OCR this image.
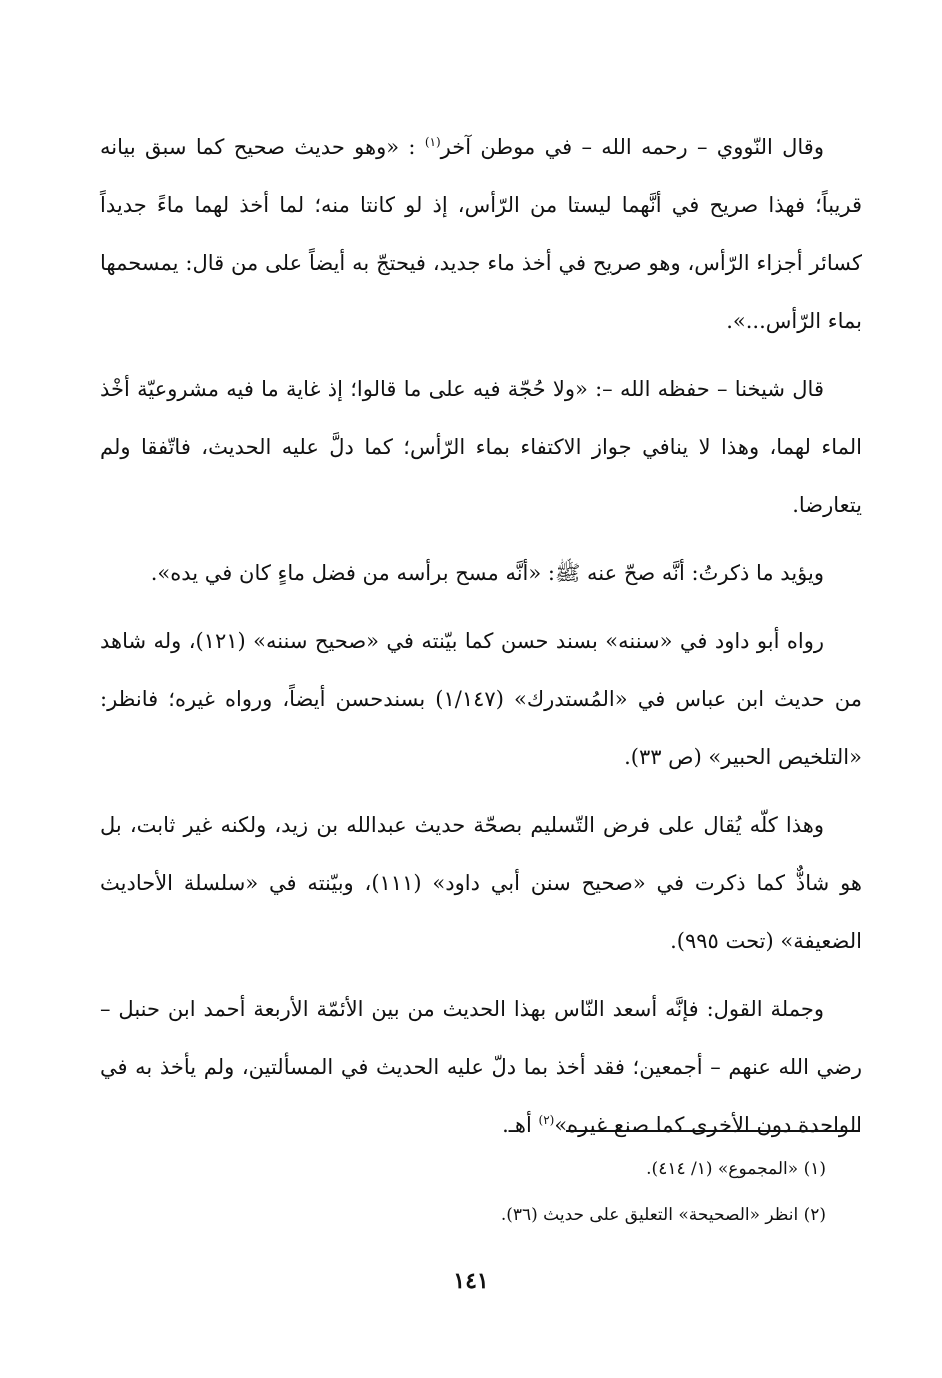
وقال النّووي – رحمه الله – في موطن آخر$^{(١)}$ : «وهو حديث صحيح كما سبق بيانه قريباً؛ فهذا صريح في أنَّهما ليستا من الرّأس، إذ لو كانتا منه؛ لما أخذ لهما ماءً جديداً كسائر أجزاء الرّأس، وهو صريح في أخذ ماء جديد، فيحتجّ به أيضاً على من قال: يمسحمها بماء الرّأس...».

قال شيخنا – حفظه الله –: «ولا حُجّة فيه على ما قالوا؛ إذ غاية ما فيه مشروعيّة أخْذ الماء لهما، وهذا لا ينافي جواز الاكتفاء بماء الرّأس؛ كما دلَّ عليه الحديث، فاتّفقا ولم يتعارضا.

ويؤيد ما ذكرتُ: أنَّه صحّ عنه ﷺ: «أنَّه مسح برأسه من فضل ماءٍ كان في يده».

رواه أبو داود في «سننه» بسند حسن كما بيّنته في «صحيح سننه» (١٢١)، وله شاهد من حديث ابن عباس في «المُستدرك» (١/١٤٧) بسندحسن أيضاً، ورواه غيره؛ فانظر: «التلخيص الحبير» (ص ٣٣).

وهذا كلّه يُقال على فرض التّسليم بصحّة حديث عبدالله بن زيد، ولكنه غير ثابت، بل هو شاذٌّ كما ذكرت في «صحيح سنن أبي داود» (١١١)، وبيّنته في «سلسلة الأحاديث الضعيفة» (تحت ٩٩٥).

وجملة القول: فإنَّه أسعد النّاس بهذا الحديث من بين الأئمّة الأربعة أحمد ابن حنبل – رضي الله عنهم – أجمعين؛ فقد أخذ بما دلّ عليه الحديث في المسألتين، ولم يأخذ به في الواحدة دون الأخرى كما صنع غيره»$^{(٢)}$ أهـ.

(١) «المجموع» (١/ ٤١٤).

(٢) انظر «الصحيحة» التعليق على حديث (٣٦).

١٤١
